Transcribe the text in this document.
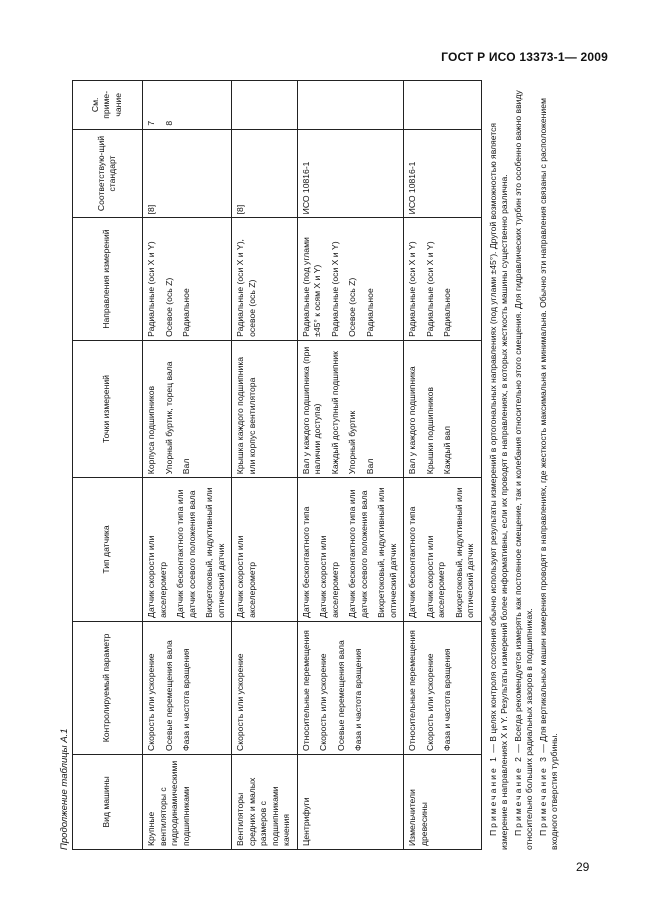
ГОСТ Р ИСО 13373-1— 2009
Продолжение таблицы А.1	Вид машины	Контролируемый параметр	Тип датчика	Точки измерений	Направления измерений	Соответствую-щий стандарт	См. приме-чание
Крупные вентиляторы с гидродинамическими подшипниками	Скорость или ускорение Осевые перемещения вала Фаза и частота вращения	Датчик скорости или акселерометр Датчик бесконтактного типа или датчик осевого положения вала Вихретоковый, индуктивный или оптический датчик	Корпуса подшипников Упорный буртик, торец вала Вал	Радиальные (оси X и Y) Осевое (ось Z) Радиальное	[8]	7 8

Вентиляторы средних и малых размеров с подшипниками качения	Скорость или ускорение	Датчик скорости или акселерометр	Крышка каждого подшипника или корпус вентилятора	Радиальные (оси X и Y), осевое (ось Z)	[8]	

Центрифуги	Относительные перемещения Скорость или ускорение Осевые перемещения вала Фаза и частота вращения	Датчик бесконтактного типа Датчик скорости или акселерометр Датчик бесконтактного типа или датчик осевого положения вала Вихретоковый, индуктивный или оптический датчик	Вал у каждого подшипника (при наличии доступа) Каждый доступный подшипник Упорный буртик Вал	Радиальные (под углами ±45° к осям X и Y) Радиальные (оси X и Y) Осевое (ось Z) Радиальное	ИСО 10816-1	

Измельчители древесины	Относительные перемещения Скорость или ускорение Фаза и частота вращения	Датчик бесконтактного типа Датчик скорости или акселерометр Вихретоковый, индуктивный или оптический датчик	Вал у каждого подшипника Крышки подшипников Каждый вал	Радиальные (оси X и Y) Радиальные (оси X и Y) Радиальное	ИСО 10816-1	

Примечание 1 — В целях контроля состояния обычно используют результаты измерений в ортогональных направлениях (под углами ±45°). Другой возможностью является измерение в направлениях X и Y. Результаты измерений более информативны, если их проводят в направлениях, в которых жесткость машины существенно различна. Примечание 2 — Всегда рекомендуется измерять как постоянное смещение, так и колебания относительно этого смещения. Для гидравлических турбин это особенно важно ввиду относительно больших радиальных зазоров в подшипниках. Примечание 3 — Для вертикальных машин измерения проводят в направлениях, где жесткость максимальна и минимальна. Обычно эти направления связаны с расположением входного отверстия турбины.

29
